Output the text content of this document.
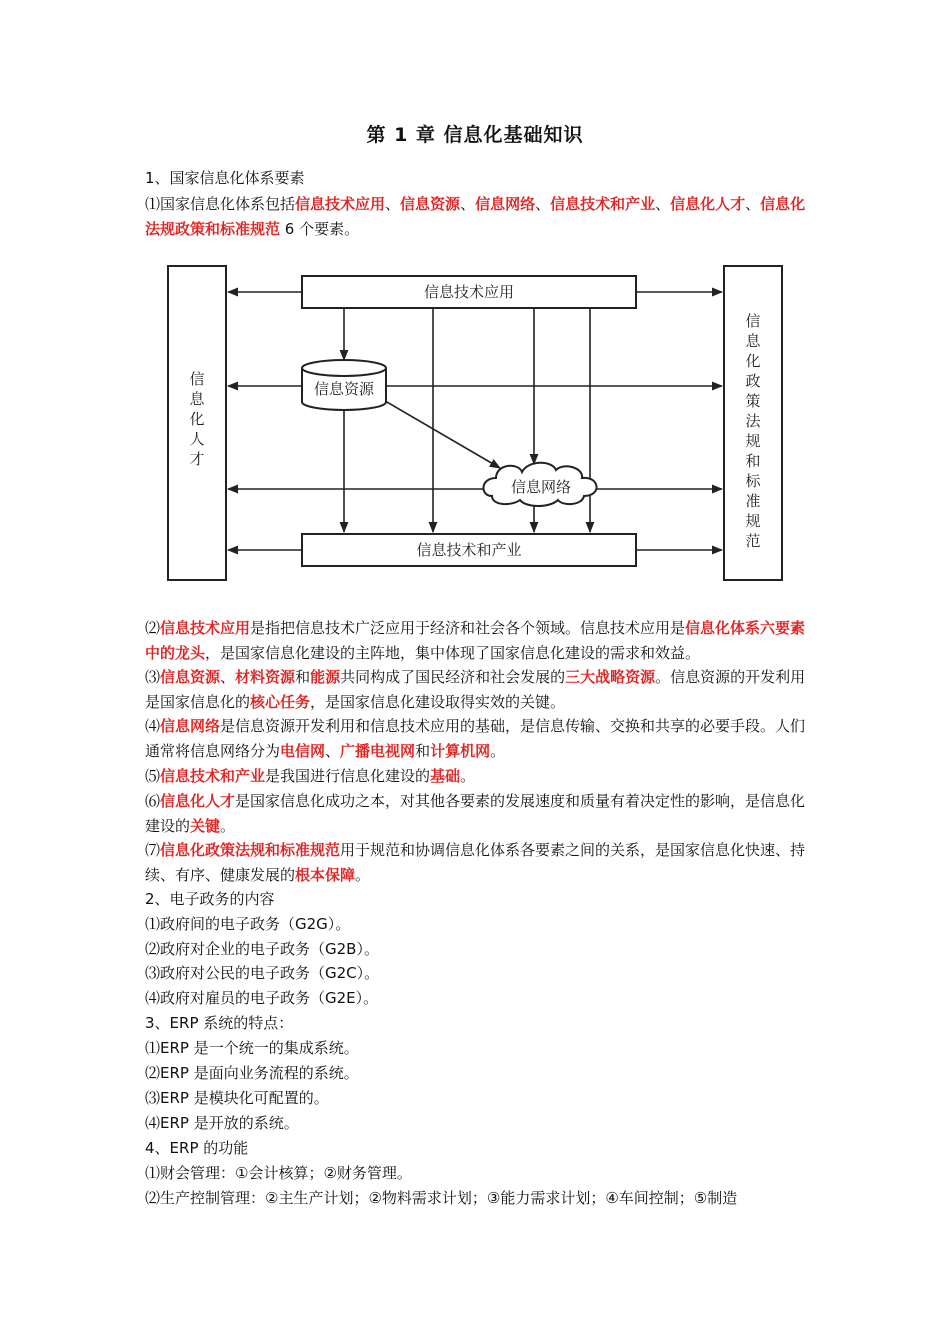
第 1 章 信息化基础知识
1、国家信息化体系要素
⑴国家信息化体系包括信息技术应用、信息资源、信息网络、信息技术和产业、信息化人才、信息化法规政策和标准规范 6 个要素。
信息技术应用
信息技术和产业
信息资源
信息网络
信
息
化
人
才
信
息
化
政
策
法
规
和
标
准
规
范
⑵信息技术应用是指把信息技术广泛应用于经济和社会各个领域。信息技术应用是信息化体系六要素中的龙头，是国家信息化建设的主阵地，集中体现了国家信息化建设的需求和效益。
⑶信息资源、材料资源和能源共同构成了国民经济和社会发展的三大战略资源。信息资源的开发利用是国家信息化的核心任务，是国家信息化建设取得实效的关键。
⑷信息网络是信息资源开发利用和信息技术应用的基础，是信息传输、交换和共享的必要手段。人们通常将信息网络分为电信网、广播电视网和计算机网。
⑸信息技术和产业是我国进行信息化建设的基础。
⑹信息化人才是国家信息化成功之本，对其他各要素的发展速度和质量有着决定性的影响，是信息化建设的关键。
⑺信息化政策法规和标准规范用于规范和协调信息化体系各要素之间的关系，是国家信息化快速、持续、有序、健康发展的根本保障。
2、电子政务的内容
⑴政府间的电子政务（G2G）。
⑵政府对企业的电子政务（G2B）。
⑶政府对公民的电子政务（G2C）。
⑷政府对雇员的电子政务（G2E）。
3、ERP 系统的特点：
⑴ERP 是一个统一的集成系统。
⑵ERP 是面向业务流程的系统。
⑶ERP 是模块化可配置的。
⑷ERP 是开放的系统。
4、ERP 的功能
⑴财会管理：①会计核算；②财务管理。
⑵生产控制管理：②主生产计划；②物料需求计划；③能力需求计划；④车间控制；⑤制造
